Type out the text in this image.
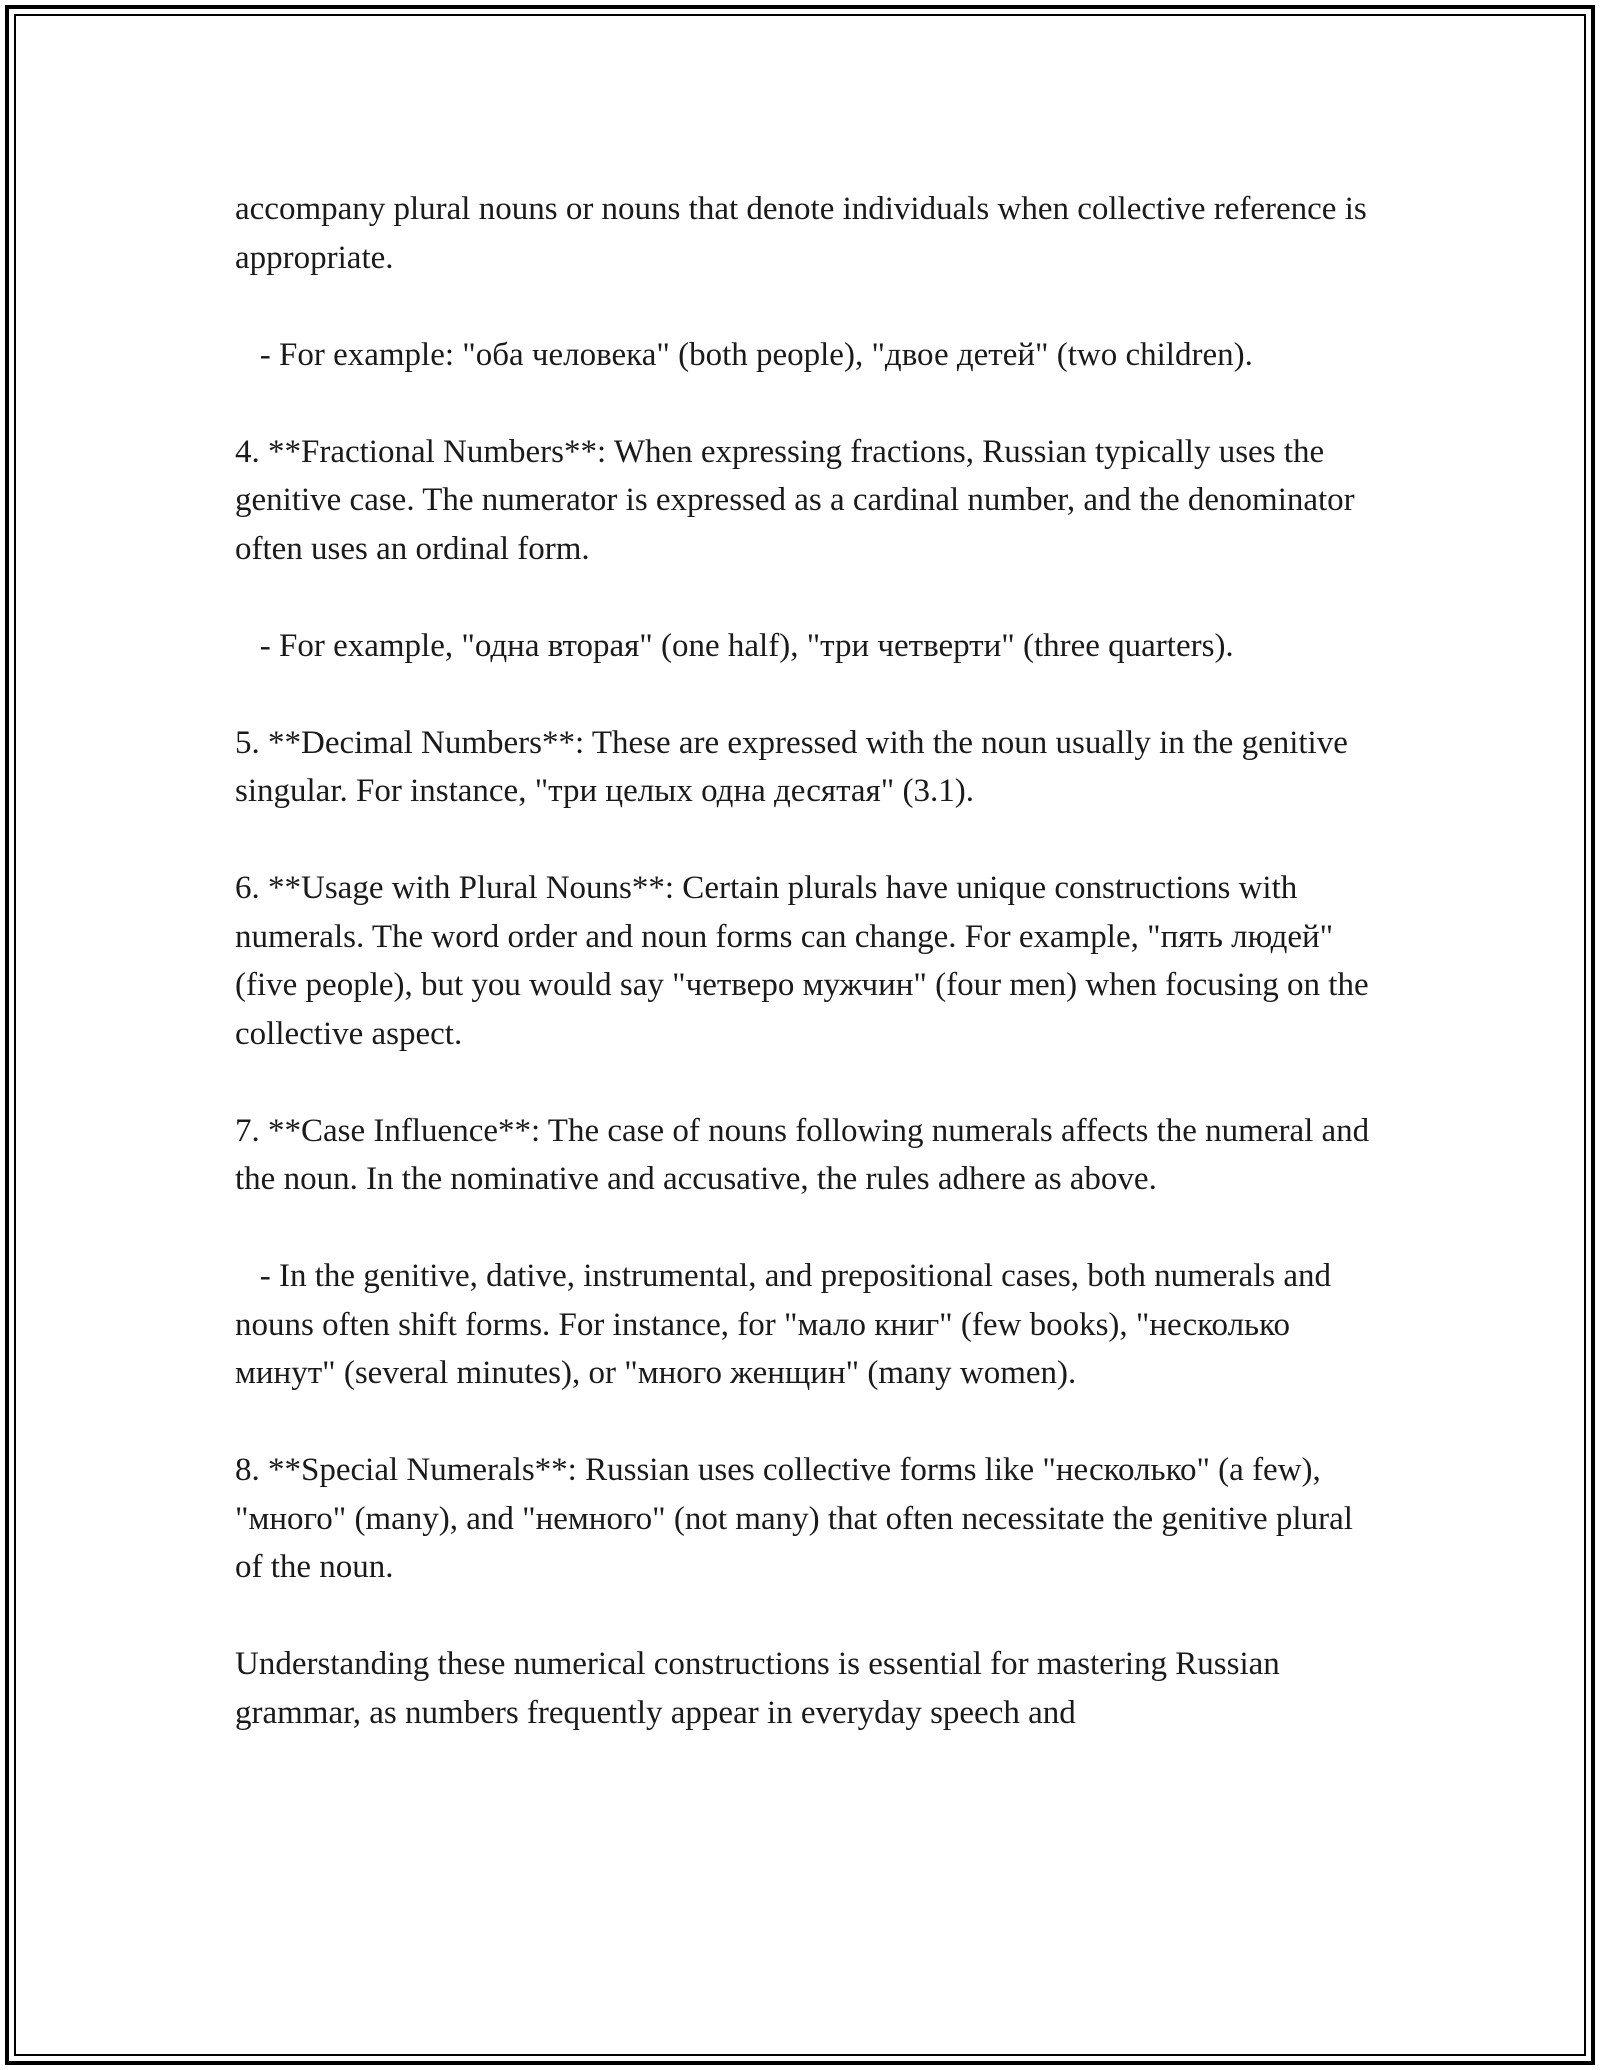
accompany plural nouns or nouns that denote individuals when collective reference is appropriate.

- For example: "оба человека" (both people), "двое детей" (two children).

4. **Fractional Numbers**: When expressing fractions, Russian typically uses the genitive case. The numerator is expressed as a cardinal number, and the denominator often uses an ordinal form.

- For example, "одна вторая" (one half), "три четверти" (three quarters).

5. **Decimal Numbers**: These are expressed with the noun usually in the genitive singular. For instance, "три целых одна десятая" (3.1).

6. **Usage with Plural Nouns**: Certain plurals have unique constructions with numerals. The word order and noun forms can change. For example, "пять людей" (five people), but you would say "четверо мужчин" (four men) when focusing on the collective aspect.

7. **Case Influence**: The case of nouns following numerals affects the numeral and the noun. In the nominative and accusative, the rules adhere as above.

- In the genitive, dative, instrumental, and prepositional cases, both numerals and nouns often shift forms. For instance, for "мало книг" (few books), "несколько минут" (several minutes), or "много женщин" (many women).

8. **Special Numerals**: Russian uses collective forms like "несколько" (a few), "много" (many), and "немного" (not many) that often necessitate the genitive plural of the noun.

Understanding these numerical constructions is essential for mastering Russian grammar, as numbers frequently appear in everyday speech and
